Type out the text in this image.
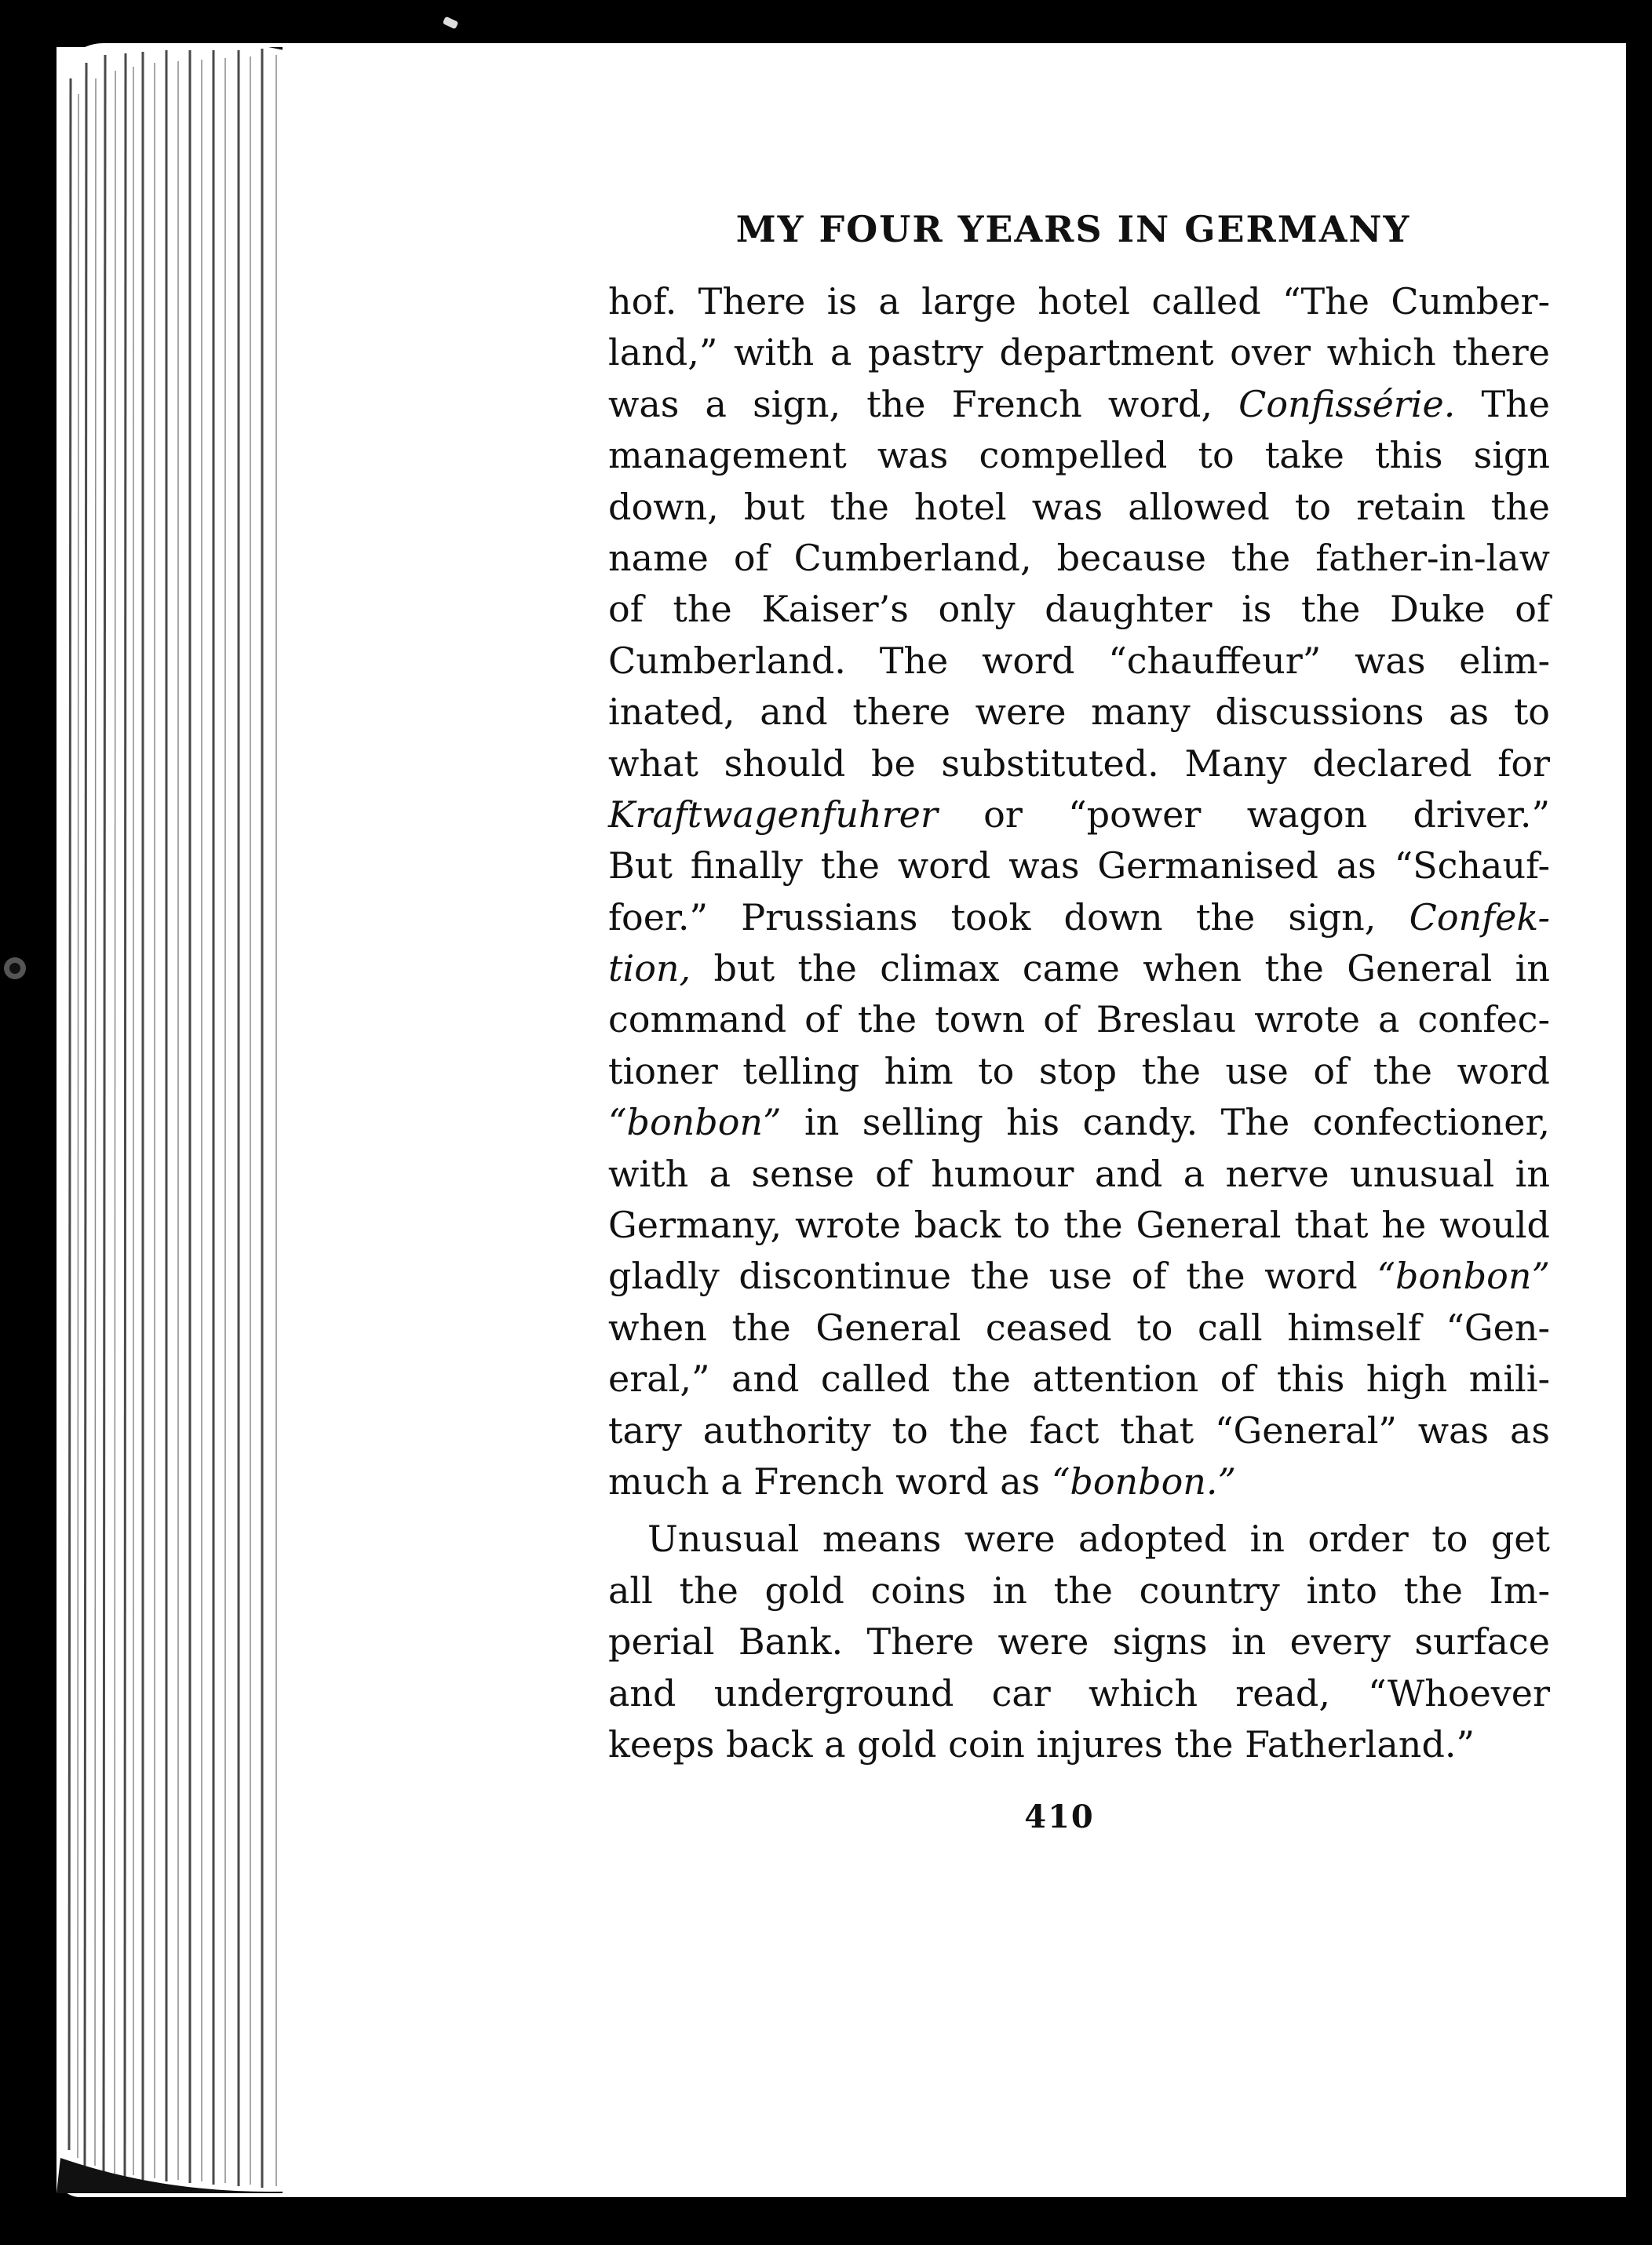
MY FOUR YEARS IN GERMANY
hof. There is a large hotel called “The Cumber-
land,” with a pastry department over which there
was a sign, the French word, Confissérie. The
management was compelled to take this sign
down, but the hotel was allowed to retain the
name of Cumberland, because the father-in-law
of the Kaiser’s only daughter is the Duke of
Cumberland. The word “chauffeur” was elim-
inated, and there were many discussions as to
what should be substituted. Many declared for
Kraftwagenfuhrer or “power wagon driver.”
But finally the word was Germanised as “Schauf-
foer.” Prussians took down the sign, Confek-
tion, but the climax came when the General in
command of the town of Breslau wrote a confec-
tioner telling him to stop the use of the word
“bonbon” in selling his candy. The confectioner,
with a sense of humour and a nerve unusual in
Germany, wrote back to the General that he would
gladly discontinue the use of the word “bonbon”
when the General ceased to call himself “Gen-
eral,” and called the attention of this high mili-
tary authority to the fact that “General” was as
much a French word as “bonbon.”
Unusual means were adopted in order to get
all the gold coins in the country into the Im-
perial Bank. There were signs in every surface
and underground car which read, “Whoever
keeps back a gold coin injures the Fatherland.”
410
